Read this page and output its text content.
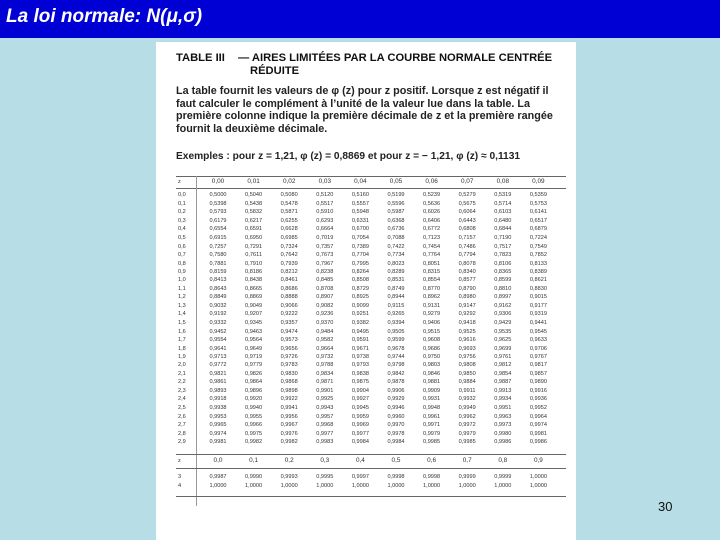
La loi normale: N(μ,σ)
TABLE III — AIRES LIMITÉES PAR LA COURBE NORMALE CENTRÉE
RÉDUITE
La table fournit les valeurs de φ (z) pour z positif. Lorsque z est négatif il faut calculer le complément à l’unité de la valeur lue dans la table. La première colonne indique la première décimale de z et la première rangée fournit la deuxième décimale.
Exemples : pour z = 1,21, φ (z) = 0,8869 et pour z = − 1,21, φ (z) ≈ 0,1131
z	0,00	0,01	0,02	0,03	0,04	0,05	0,06	0,07	0,08	0,09
0,0	0,5000	0,5040	0,5080	0,5120	0,5160	0,5199	0,5239	0,5279	0,5319	0,5359
0,1	0,5398	0,5438	0,5478	0,5517	0,5557	0,5596	0,5636	0,5675	0,5714	0,5753
0,2	0,5793	0,5832	0,5871	0,5910	0,5948	0,5987	0,6026	0,6064	0,6103	0,6141
0,3	0,6179	0,6217	0,6255	0,6293	0,6331	0,6368	0,6406	0,6443	0,6480	0,6517
0,4	0,6554	0,6591	0,6628	0,6664	0,6700	0,6736	0,6772	0,6808	0,6844	0,6879
0,5	0,6915	0,6950	0,6985	0,7019	0,7054	0,7088	0,7123	0,7157	0,7190	0,7224
0,6	0,7257	0,7291	0,7324	0,7357	0,7389	0,7422	0,7454	0,7486	0,7517	0,7549
0,7	0,7580	0,7611	0,7642	0,7673	0,7704	0,7734	0,7764	0,7794	0,7823	0,7852
0,8	0,7881	0,7910	0,7939	0,7967	0,7995	0,8023	0,8051	0,8078	0,8106	0,8133
0,9	0,8159	0,8186	0,8212	0,8238	0,8264	0,8289	0,8315	0,8340	0,8365	0,8389
1,0	0,8413	0,8438	0,8461	0,8485	0,8508	0,8531	0,8554	0,8577	0,8599	0,8621
1,1	0,8643	0,8665	0,8686	0,8708	0,8729	0,8749	0,8770	0,8790	0,8810	0,8830
1,2	0,8849	0,8869	0,8888	0,8907	0,8925	0,8944	0,8962	0,8980	0,8997	0,9015
1,3	0,9032	0,9049	0,9066	0,9082	0,9099	0,9115	0,9131	0,9147	0,9162	0,9177
1,4	0,9192	0,9207	0,9222	0,9236	0,9251	0,9265	0,9279	0,9292	0,9306	0,9319
1,5	0,9332	0,9345	0,9357	0,9370	0,9382	0,9394	0,9406	0,9418	0,9429	0,9441
1,6	0,9452	0,9463	0,9474	0,9484	0,9495	0,9505	0,9515	0,9525	0,9535	0,9545
1,7	0,9554	0,9564	0,9573	0,9582	0,9591	0,9599	0,9608	0,9616	0,9625	0,9633
1,8	0,9641	0,9649	0,9656	0,9664	0,9671	0,9678	0,9686	0,9693	0,9699	0,9706
1,9	0,9713	0,9719	0,9726	0,9732	0,9738	0,9744	0,9750	0,9756	0,9761	0,9767
2,0	0,9772	0,9779	0,9783	0,9788	0,9793	0,9798	0,9803	0,9808	0,9812	0,9817
2,1	0,9821	0,9826	0,9830	0,9834	0,9838	0,9842	0,9846	0,9850	0,9854	0,9857
2,2	0,9861	0,9864	0,9868	0,9871	0,9875	0,9878	0,9881	0,9884	0,9887	0,9890
2,3	0,9893	0,9896	0,9898	0,9901	0,9904	0,9906	0,9909	0,9911	0,9913	0,9916
2,4	0,9918	0,9920	0,9922	0,9925	0,9927	0,9929	0,9931	0,9932	0,9934	0,9936
2,5	0,9938	0,9940	0,9941	0,9943	0,9945	0,9946	0,9948	0,9949	0,9951	0,9952
2,6	0,9953	0,9955	0,9956	0,9957	0,9959	0,9960	0,9961	0,9962	0,9963	0,9964
2,7	0,9965	0,9966	0,9967	0,9968	0,9969	0,9970	0,9971	0,9972	0,9973	0,9974
2,8	0,9974	0,9975	0,9976	0,9977	0,9977	0,9978	0,9979	0,9979	0,9980	0,9981
2,9	0,9981	0,9982	0,9982	0,9983	0,9984	0,9984	0,9985	0,9985	0,9986	0,9986
z	0,0	0,1	0,2	0,3	0,4	0,5	0,6	0,7	0,8	0,9
3	0,9987	0,9990	0,9993	0,9995	0,9997	0,9998	0,9998	0,9999	0,9999	1,0000
4	1,0000	1,0000	1,0000	1,0000	1,0000	1,0000	1,0000	1,0000	1,0000	1,0000
30
